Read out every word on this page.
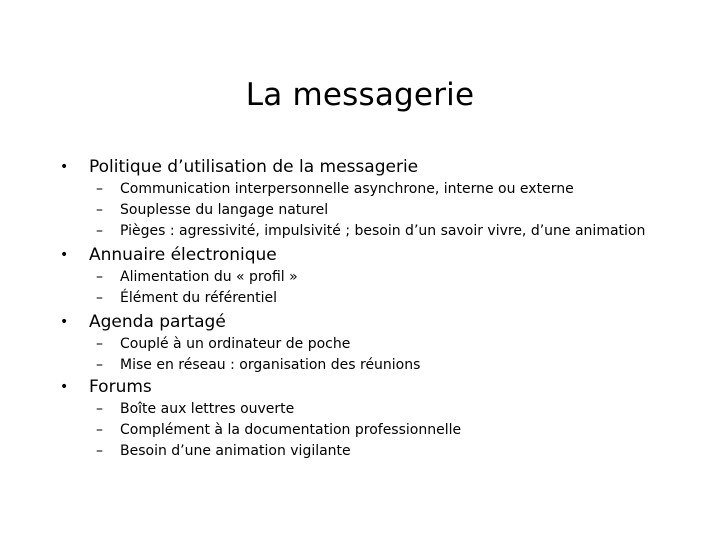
La messagerie
• Politique d’utilisation de la messagerie
– Communication interpersonnelle asynchrone, interne ou externe
– Souplesse du langage naturel
– Pièges : agressivité, impulsivité ; besoin d’un savoir vivre, d’une animation
• Annuaire électronique
– Alimentation du « profil »
– Élément du référentiel
• Agenda partagé
– Couplé à un ordinateur de poche
– Mise en réseau : organisation des réunions
• Forums
– Boîte aux lettres ouverte
– Complément à la documentation professionnelle
– Besoin d’une animation vigilante
